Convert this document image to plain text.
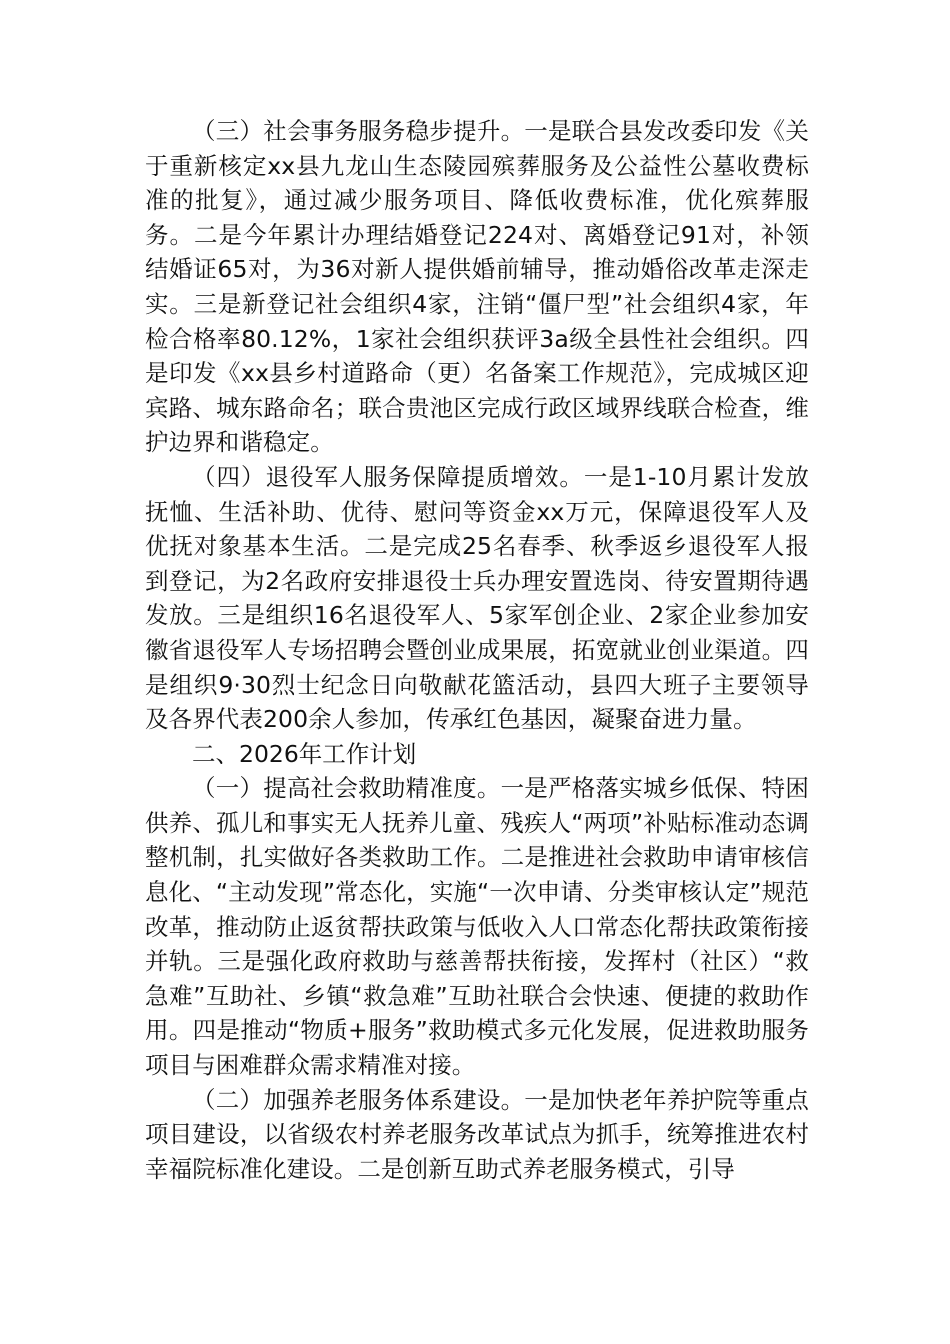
（三）社会事务服务稳步提升。一是联合县发改委印发《关于重新核定xx县九龙山生态陵园殡葬服务及公益性公墓收费标准的批复》，通过减少服务项目、降低收费标准，优化殡葬服务。二是今年累计办理结婚登记224对、离婚登记91对，补领结婚证65对，为36对新人提供婚前辅导，推动婚俗改革走深走实。三是新登记社会组织4家，注销“僵尸型”社会组织4家，年检合格率80.12%，1家社会组织获评3a级全县性社会组织。四是印发《xx县乡村道路命（更）名备案工作规范》，完成城区迎宾路、城东路命名；联合贵池区完成行政区域界线联合检查，维护边界和谐稳定。

（四）退役军人服务保障提质增效。一是1-10月累计发放抚恤、生活补助、优待、慰问等资金xx万元，保障退役军人及优抚对象基本生活。二是完成25名春季、秋季返乡退役军人报到登记，为2名政府安排退役士兵办理安置选岗、待安置期待遇发放。三是组织16名退役军人、5家军创企业、2家企业参加安徽省退役军人专场招聘会暨创业成果展，拓宽就业创业渠道。四是组织9·30烈士纪念日向敬献花篮活动，县四大班子主要领导及各界代表200余人参加，传承红色基因，凝聚奋进力量。

二、2026年工作计划

（一）提高社会救助精准度。一是严格落实城乡低保、特困供养、孤儿和事实无人抚养儿童、残疾人“两项”补贴标准动态调整机制，扎实做好各类救助工作。二是推进社会救助申请审核信息化、“主动发现”常态化，实施“一次申请、分类审核认定”规范改革，推动防止返贫帮扶政策与低收入人口常态化帮扶政策衔接并轨。三是强化政府救助与慈善帮扶衔接，发挥村（社区）“救急难”互助社、乡镇“救急难”互助社联合会快速、便捷的救助作用。四是推动“物质+服务”救助模式多元化发展，促进救助服务项目与困难群众需求精准对接。

（二）加强养老服务体系建设。一是加快老年养护院等重点项目建设，以省级农村养老服务改革试点为抓手，统筹推进农村幸福院标准化建设。二是创新互助式养老服务模式，引导
